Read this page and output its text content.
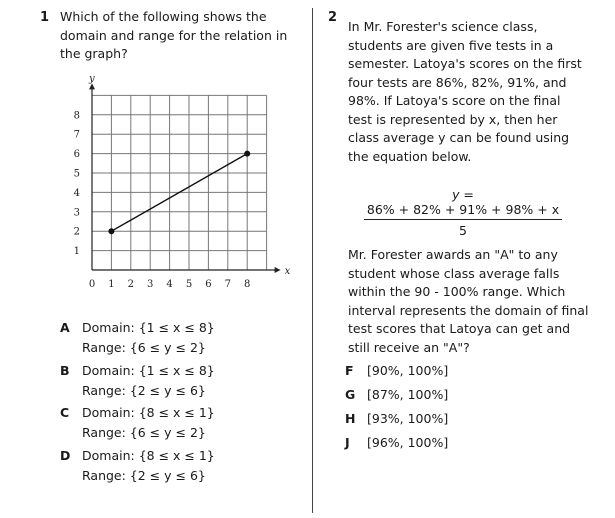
1 Which of the following shows the
domain and range for the relation in
the graph?
0 1 2 3 4 5 6 7 8
1
2
3
4
5
6
7
8
x
y
A Domain: {1 ≤ x ≤ 8}
Range: {6 ≤ y ≤ 2}
B Domain: {1 ≤ x ≤ 8}
Range: {2 ≤ y ≤ 6}
C Domain: {8 ≤ x ≤ 1}
Range: {6 ≤ y ≤ 2}
D Domain: {8 ≤ x ≤ 1}
Range: {2 ≤ y ≤ 6}
2
In Mr. Forester's science class,
students are given five tests in a
semester. Latoya's scores on the first
four tests are 86%, 82%, 91%, and
98%. If Latoya's score on the final
test is represented by x, then her
class average y can be found using
the equation below.
y =
86% + 82% + 91% + 98% + x
5
Mr. Forester awards an "A" to any
student whose class average falls
within the 90 - 100% range. Which
interval represents the domain of final
test scores that Latoya can get and
still receive an "A"?
F [90%, 100%]
G [87%, 100%]
H [93%, 100%]
J [96%, 100%]
